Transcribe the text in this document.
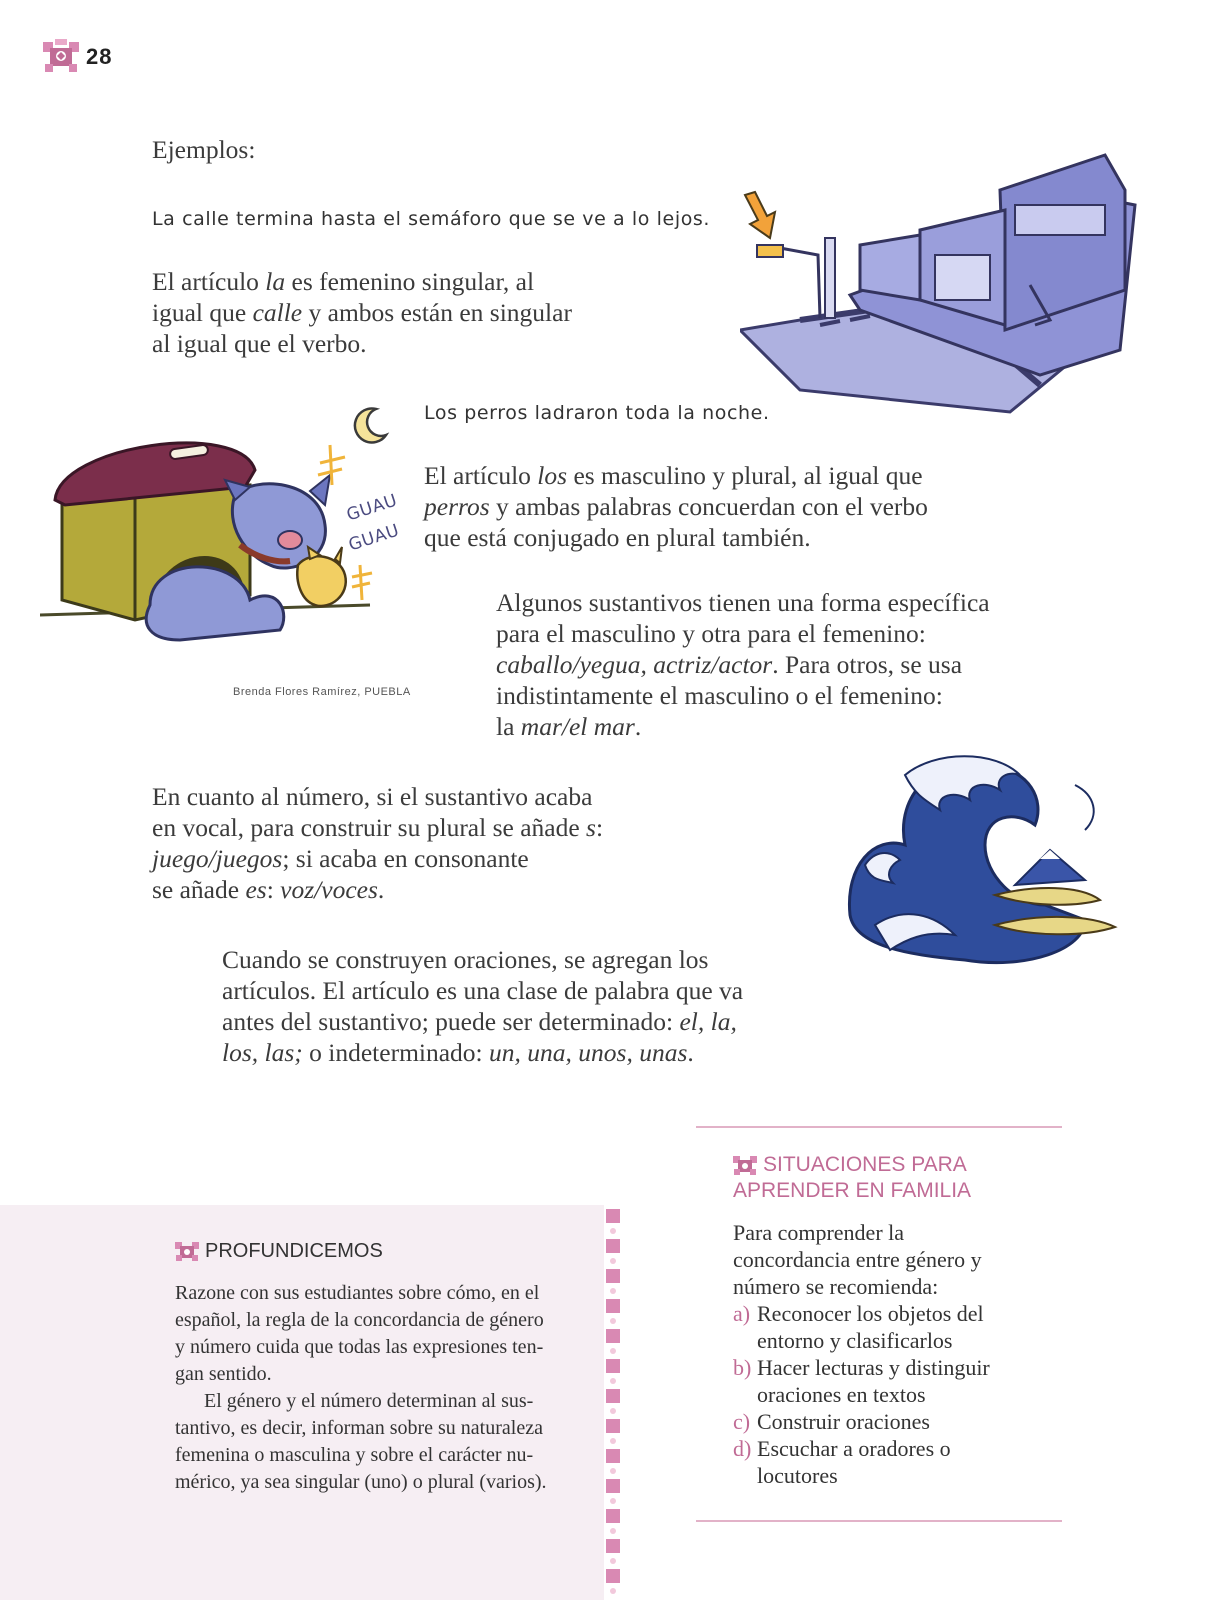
28
Ejemplos:
La calle termina hasta el semáforo que se ve a lo lejos.
El artículo la es femenino singular, al
igual que calle y ambos están en singular
al igual que el verbo.
Los perros ladraron toda la noche.
El artículo los es masculino y plural, al igual que
perros y ambas palabras concuerdan con el verbo
que está conjugado en plural también.
GUAU
GUAU
Brenda Flores Ramírez, PUEBLA
Algunos sustantivos tienen una forma específica
para el masculino y otra para el femenino:
caballo/yegua, actriz/actor. Para otros, se usa
indistintamente el masculino o el femenino:
la mar/el mar.
En cuanto al número, si el sustantivo acaba
en vocal, para construir su plural se añade s:
juego/juegos; si acaba en consonante
se añade es: voz/voces.
Cuando se construyen oraciones, se agregan los
artículos. El artículo es una clase de palabra que va
antes del sustantivo; puede ser determinado: el, la,
los, las; o indeterminado: un, una, unos, unas.
PROFUNDICEMOS
Razone con sus estudiantes sobre cómo, en el
español, la regla de la concordancia de género
y número cuida que todas las expresiones ten-
gan sentido.
El género y el número determinan al sus-
tantivo, es decir, informan sobre su naturaleza
femenina o masculina y sobre el carácter nu-
mérico, ya sea singular (uno) o plural (varios).
SITUACIONES PARA
APRENDER EN FAMILIA
Para comprender la
concordancia entre género y
número se recomienda:
a) Reconocer los objetos del
entorno y clasificarlos
b) Hacer lecturas y distinguir
oraciones en textos
c) Construir oraciones
d) Escuchar a oradores o
locutores
